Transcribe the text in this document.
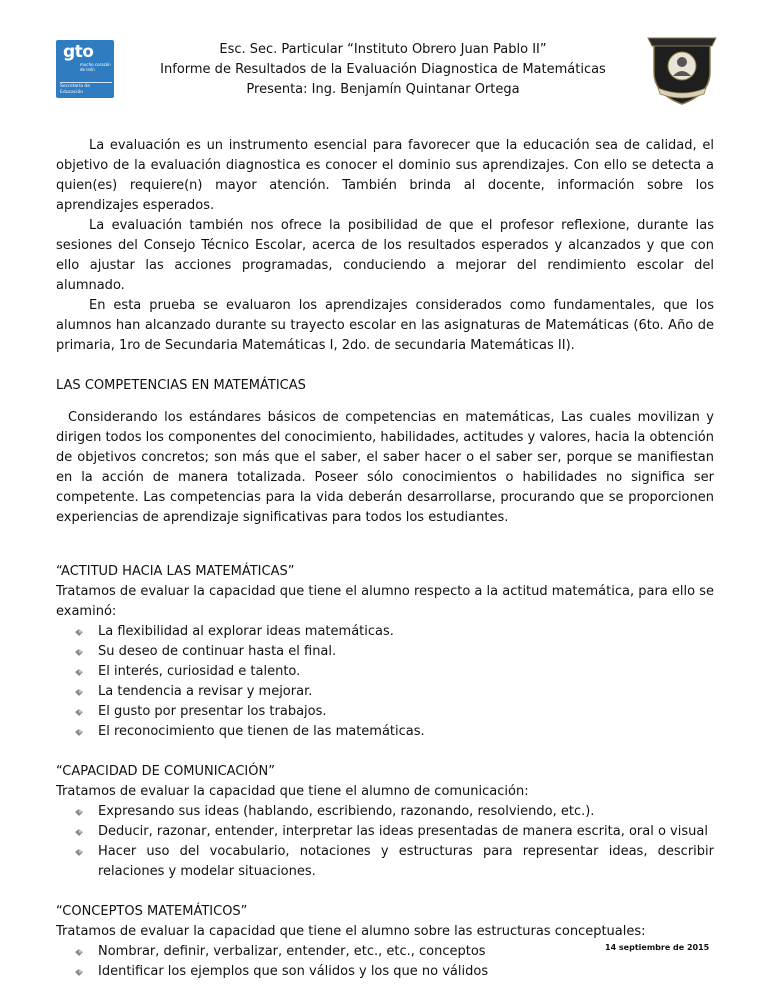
gto
mucho corazón de león
Secretaría de Educación
Esc. Sec. Particular “Instituto Obrero Juan Pablo II”
Informe de Resultados de la Evaluación Diagnostica de Matemáticas
Presenta: Ing. Benjamín Quintanar Ortega

La evaluación es un instrumento esencial para favorecer que la educación sea de calidad, el objetivo de la evaluación diagnostica es conocer el dominio sus aprendizajes. Con ello se detecta a quien(es) requiere(n) mayor atención. También brinda al docente, información sobre los aprendizajes esperados.

La evaluación también nos ofrece la posibilidad de que el profesor reflexione, durante las sesiones del Consejo Técnico Escolar, acerca de los resultados esperados y alcanzados y que con ello ajustar las acciones programadas, conduciendo a mejorar del rendimiento escolar del alumnado.

En esta prueba se evaluaron los aprendizajes considerados como fundamentales, que los alumnos han alcanzado durante su trayecto escolar en las asignaturas de Matemáticas (6to. Año de primaria, 1ro de Secundaria Matemáticas I, 2do. de secundaria Matemáticas II).

LAS COMPETENCIAS EN MATEMÁTICAS

Considerando los estándares básicos de competencias en matemáticas, Las cuales movilizan y dirigen todos los componentes del conocimiento, habilidades, actitudes y valores, hacia la obtención de objetivos concretos; son más que el saber, el saber hacer o el saber ser, porque se manifiestan en la acción de manera totalizada. Poseer sólo conocimientos o habilidades no significa ser competente. Las competencias para la vida deberán desarrollarse, procurando que se proporcionen experiencias de aprendizaje significativas para todos los estudiantes.

“ACTITUD HACIA LAS MATEMÁTICAS”

Tratamos de evaluar la capacidad que tiene el alumno respecto a la actitud matemática, para ello se examinó:

La flexibilidad al explorar ideas matemáticas.
Su deseo de continuar hasta el final.
El interés, curiosidad e talento.
La tendencia a revisar y mejorar.
El gusto por presentar los trabajos.
El reconocimiento que tienen de las matemáticas.

“CAPACIDAD DE COMUNICACIÓN”

Tratamos de evaluar la capacidad que tiene el alumno de comunicación:

Expresando sus ideas (hablando, escribiendo, razonando, resolviendo, etc.).
Deducir, razonar, entender, interpretar las ideas presentadas de manera escrita, oral o visual
Hacer uso del vocabulario, notaciones y estructuras para representar ideas, describir relaciones y modelar situaciones.

“CONCEPTOS MATEMÁTICOS”

Tratamos de evaluar la capacidad que tiene el alumno sobre las estructuras conceptuales:

Nombrar, definir, verbalizar, entender, etc., etc., conceptos
Identificar los ejemplos que son válidos y los que no válidos
14 septiembre de 2015
